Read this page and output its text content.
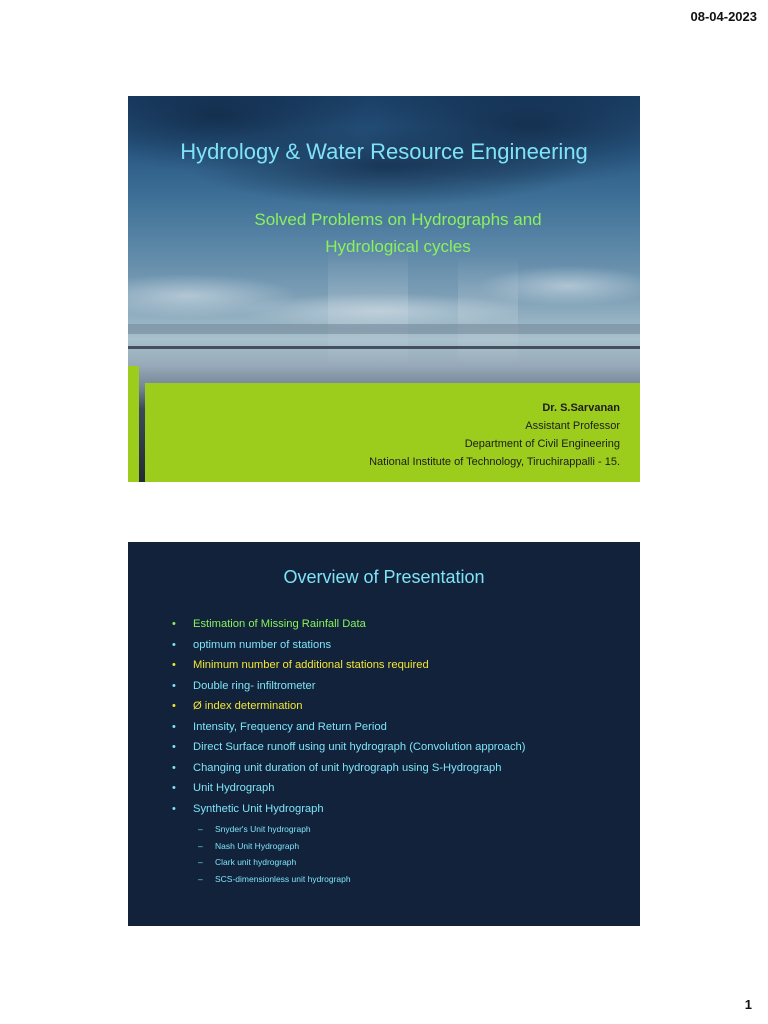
08-04-2023
Hydrology & Water Resource Engineering
Solved Problems on Hydrographs and
Hydrological cycles
Dr. S.Sarvanan
Assistant Professor
Department of Civil Engineering
National Institute of Technology, Tiruchirappalli - 15.
Overview of Presentation
• Estimation of Missing Rainfall Data
• optimum number of stations
• Minimum number of additional stations required
• Double ring- infiltrometer
• Ø index determination
• Intensity, Frequency and Return Period
• Direct Surface runoff using unit hydrograph (Convolution approach)
• Changing unit duration of unit hydrograph using S-Hydrograph
• Unit Hydrograph
• Synthetic Unit Hydrograph
– Snyder's Unit hydrograph
– Nash Unit Hydrograph
– Clark unit hydrograph
– SCS-dimensionless unit hydrograph
1
